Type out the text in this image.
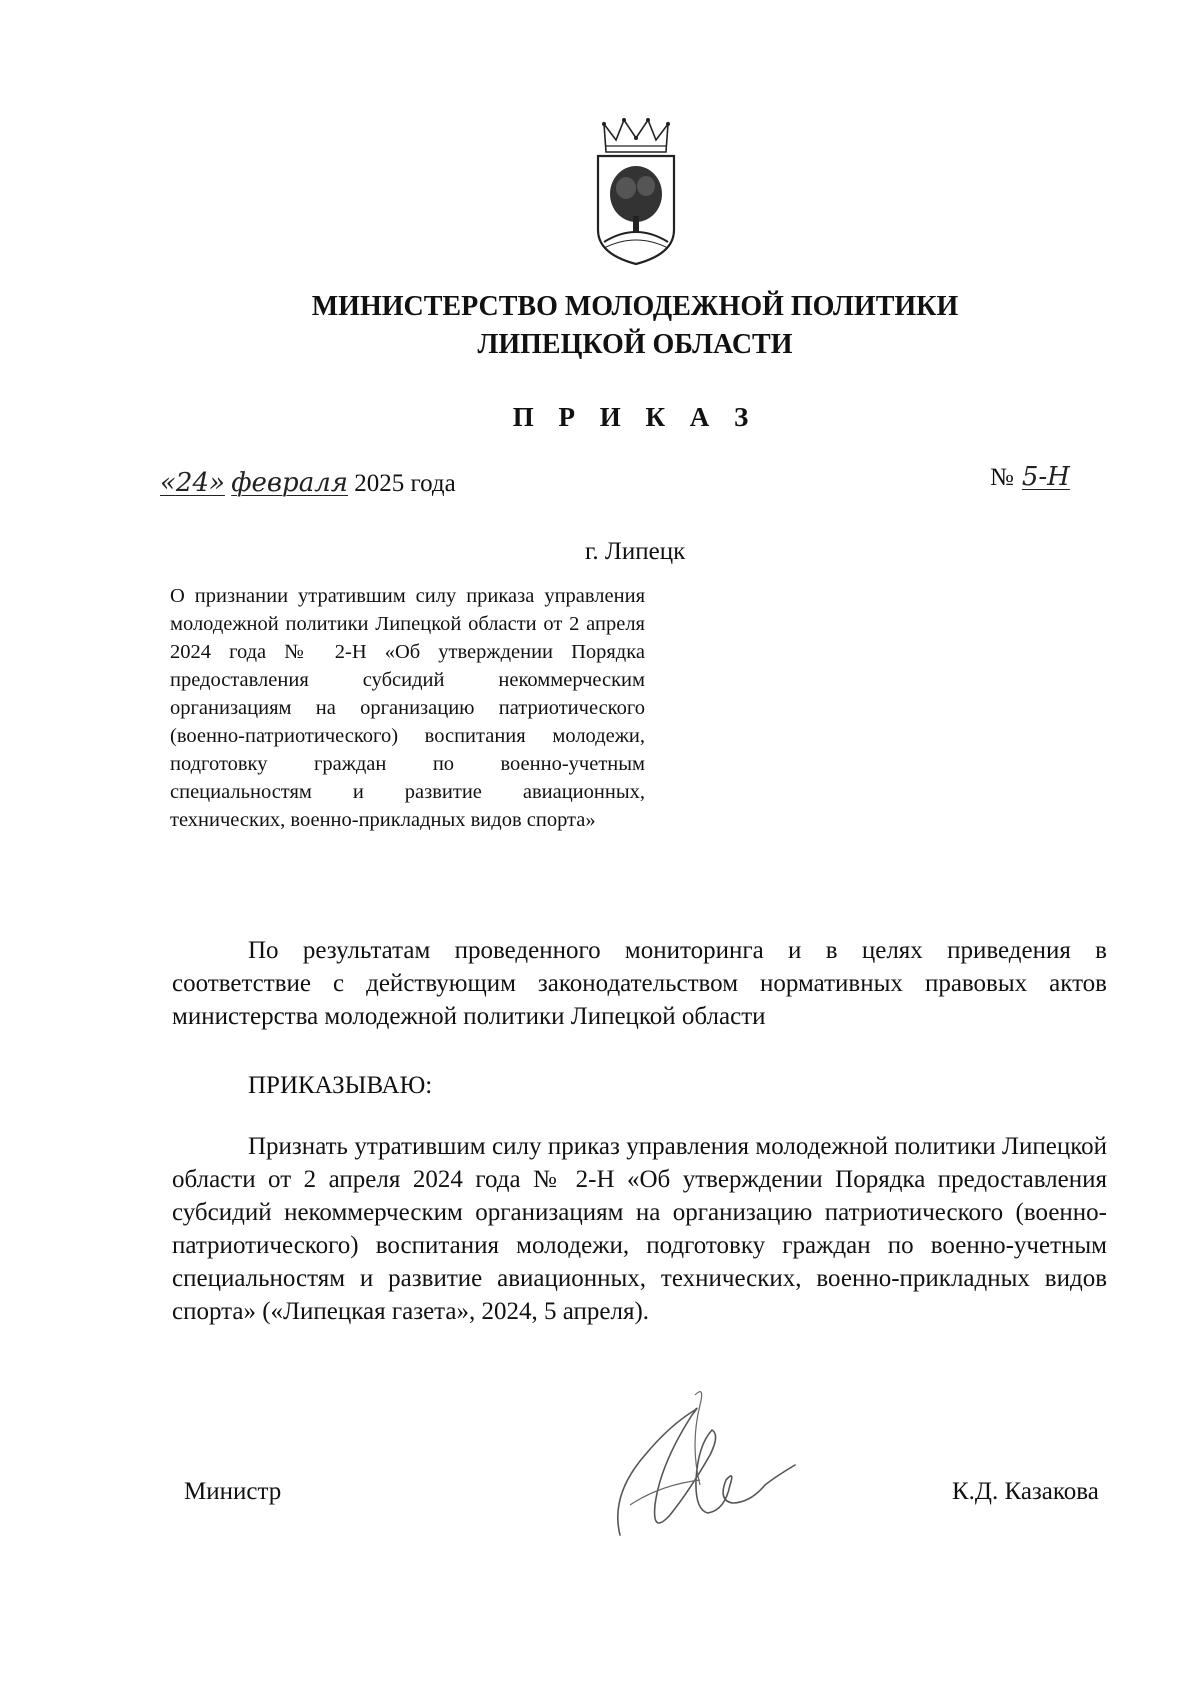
МИНИСТЕРСТВО МОЛОДЕЖНОЙ ПОЛИТИКИ
ЛИПЕЦКОЙ ОБЛАСТИ
П Р И К А З
«24» февраля 2025 года	№ 5-Н
г. Липецк
О признании утратившим силу приказа управления молодежной политики Липецкой области от 2 апреля 2024 года № 2-Н «Об утверждении Порядка предоставления субсидий некоммерческим организациям на организацию патриотического (военно-патриотического) воспитания молодежи, подготовку граждан по военно-учетным специальностям и развитие авиационных, технических, военно-прикладных видов спорта»
По результатам проведенного мониторинга и в целях приведения в соответствие с действующим законодательством нормативных правовых актов министерства молодежной политики Липецкой области
ПРИКАЗЫВАЮ:
Признать утратившим силу приказ управления молодежной политики Липецкой области от 2 апреля 2024 года № 2-Н «Об утверждении Порядка предоставления субсидий некоммерческим организациям на организацию патриотического (военно-патриотического) воспитания молодежи, подготовку граждан по военно-учетным специальностям и развитие авиационных, технических, военно-прикладных видов спорта» («Липецкая газета», 2024, 5 апреля).
Министр	К.Д. Казакова
